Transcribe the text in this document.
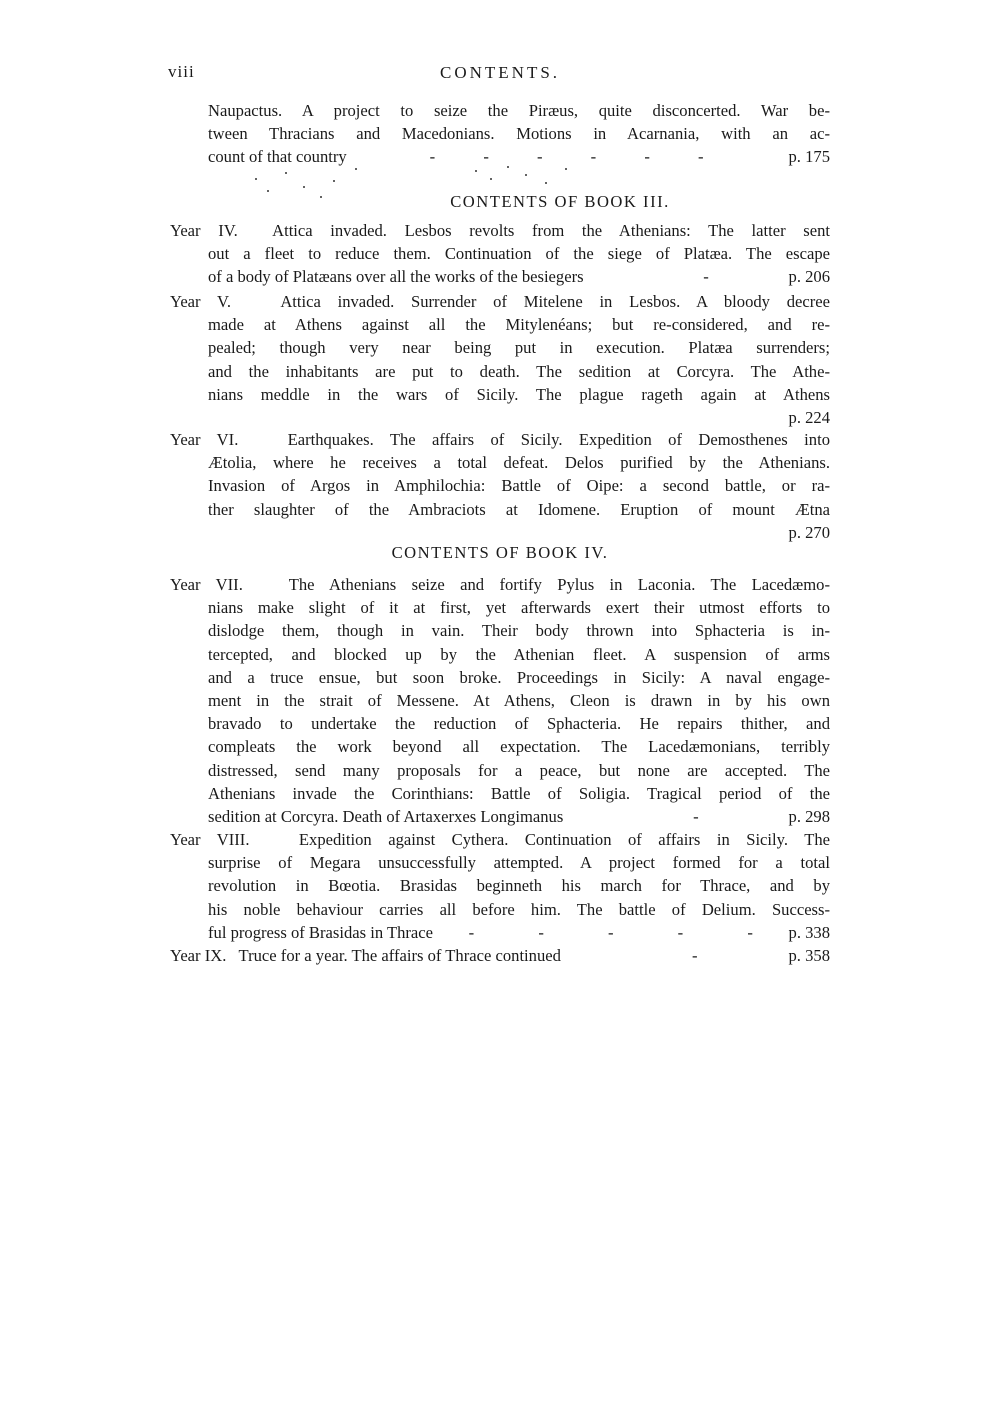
viii	CONTENTS.
Naupactus. A project to seize the Piræus, quite disconcerted. War be-
tween Thracians and Macedonians. Motions in Acarnania, with an ac-
count of that country	- - - - - -	p. 175
CONTENTS OF BOOK III.
Year IV. Attica invaded. Lesbos revolts from the Athenians: The latter sent
out a fleet to reduce them. Continuation of the siege of Platæa. The escape
of a body of Platæans over all the works of the besiegers	-	p. 206
Year V.	Attica invaded. Surrender of Mitelene in Lesbos. A bloody decree
made at Athens against all the Mitylenéans; but re-considered, and re-
pealed; though very near being put in execution. Platæa surrenders;
and the inhabitants are put to death. The sedition at Corcyra. The Athe-
nians meddle in the wars of Sicily. The plague rageth again at Athens
p. 224
Year VI.	Earthquakes. The affairs of Sicily. Expedition of Demosthenes into
Ætolia, where he receives a total defeat. Delos purified by the Athenians.
Invasion of Argos in Amphilochia: Battle of Oipe: a second battle, or ra-
ther slaughter of the Ambraciots at Idomene. Eruption of mount Ætna
p. 270
CONTENTS OF BOOK IV.
Year VII.	The Athenians seize and fortify Pylus in Laconia. The Lacedæmo-
nians make slight of it at first, yet afterwards exert their utmost efforts to
dislodge them, though in vain. Their body thrown into Sphacteria is in-
tercepted, and blocked up by the Athenian fleet. A suspension of arms
and a truce ensue, but soon broke. Proceedings in Sicily: A naval engage-
ment in the strait of Messene. At Athens, Cleon is drawn in by his own
bravado to undertake the reduction of Sphacteria. He repairs thither, and
compleats the work beyond all expectation. The Lacedæmonians, terribly
distressed, send many proposals for a peace, but none are accepted. The
Athenians invade the Corinthians: Battle of Soligia. Tragical period of the
sedition at Corcyra. Death of Artaxerxes Longimanus	-	p. 298
Year VIII.	Expedition against Cythera. Continuation of affairs in Sicily. The
surprise of Megara unsuccessfully attempted. A project formed for a total
revolution in Bœotia. Brasidas beginneth his march for Thrace, and by
his noble behaviour carries all before him. The battle of Delium. Success-
ful progress of Brasidas in Thrace - - - - - p. 338
Year IX. Truce for a year. The affairs of Thrace continued	-	p. 358
